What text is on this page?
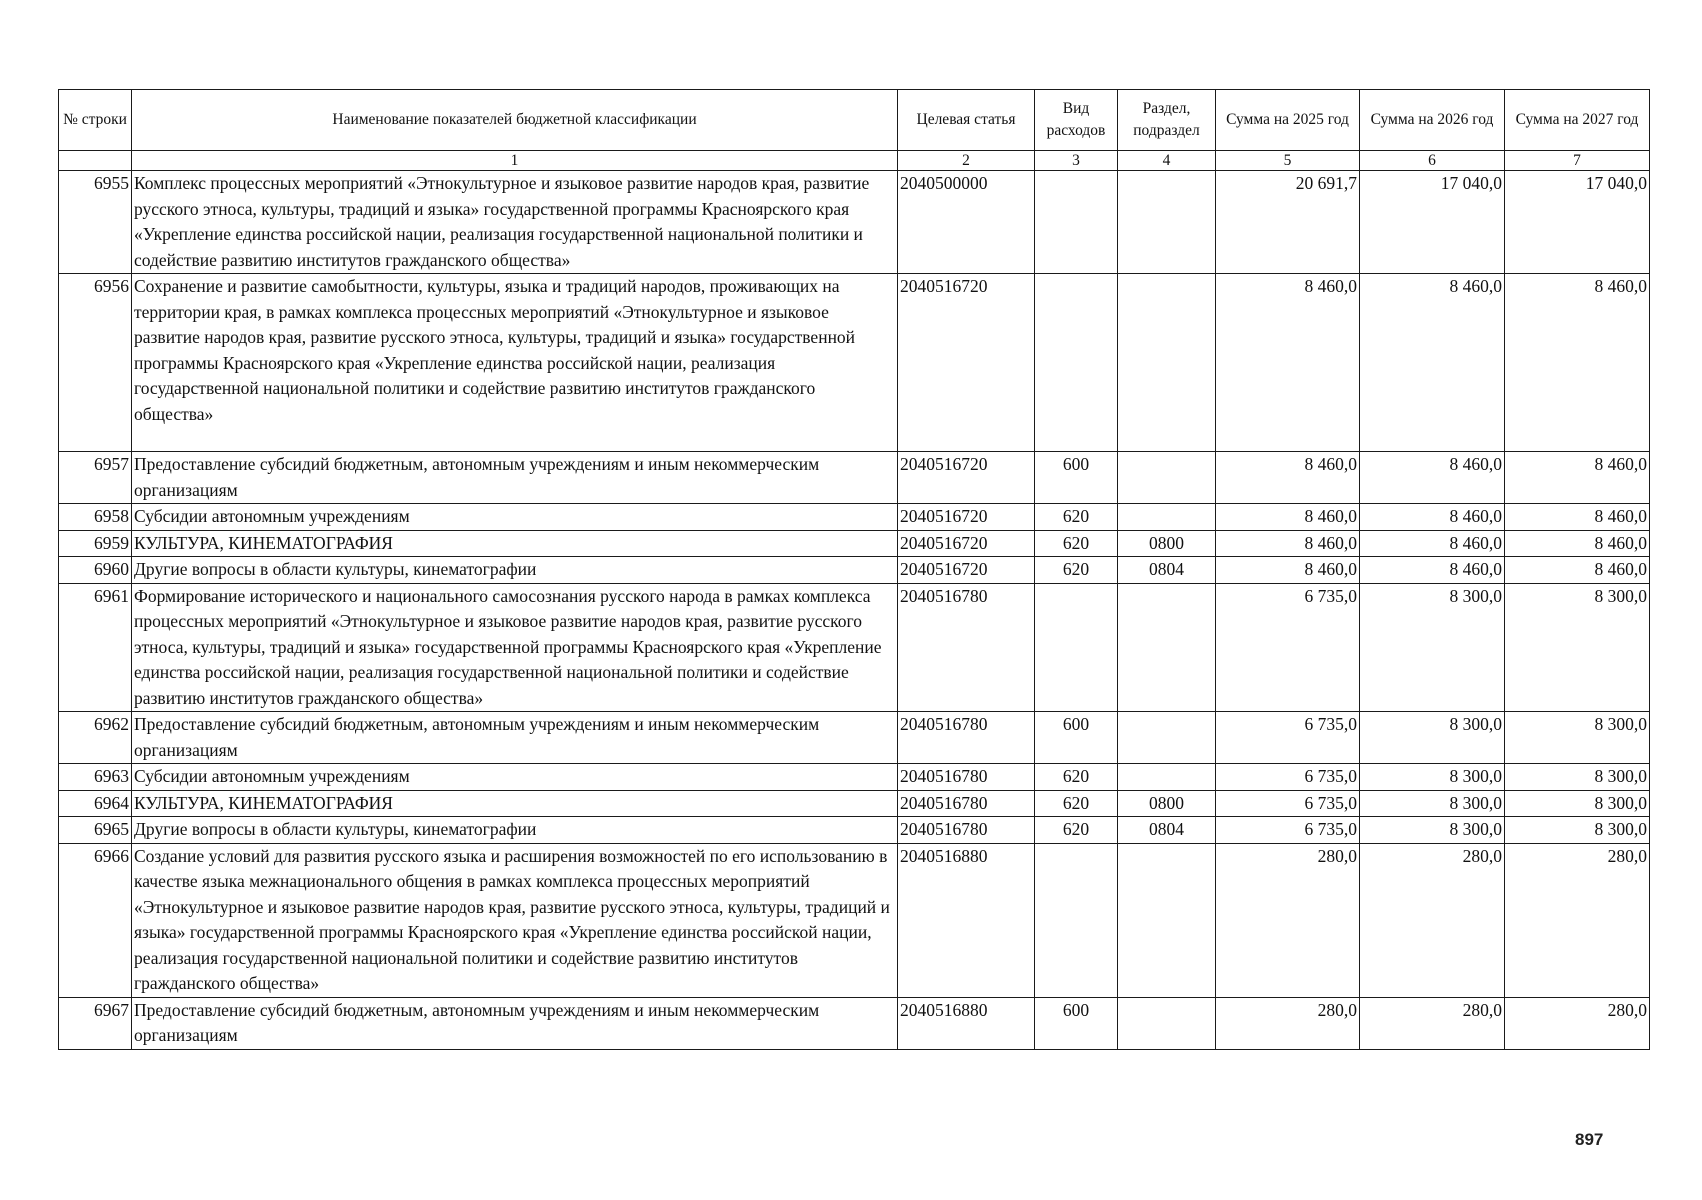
№ строки	Наименование показателей бюджетной классификации	Целевая статья	Вид расходов	Раздел, подраздел	Сумма на 2025 год	Сумма на 2026 год	Сумма на 2027 год
	1	2	3	4	5	6	7
6955	Комплекс процессных мероприятий «Этнокультурное и языковое развитие народов края, развитие русского этноса, культуры, традиций и языка» государственной программы Красноярского края «Укрепление единства российской нации, реализация государственной национальной политики и содействие развитию институтов гражданского общества»	2040500000			20 691,7	17 040,0	17 040,0
6956	Сохранение и развитие самобытности, культуры, языка и традиций народов, проживающих на территории края, в рамках комплекса процессных мероприятий «Этнокультурное и языковое развитие народов края, развитие русского этноса, культуры, традиций и языка» государственной программы Красноярского края «Укрепление единства российской нации, реализация государственной национальной политики и содействие развитию институтов гражданского общества»	2040516720			8 460,0	8 460,0	8 460,0
6957	Предоставление субсидий бюджетным, автономным учреждениям и иным некоммерческим организациям	2040516720	600		8 460,0	8 460,0	8 460,0
6958	Субсидии автономным учреждениям	2040516720	620		8 460,0	8 460,0	8 460,0
6959	КУЛЬТУРА, КИНЕМАТОГРАФИЯ	2040516720	620	0800	8 460,0	8 460,0	8 460,0
6960	Другие вопросы в области культуры, кинематографии	2040516720	620	0804	8 460,0	8 460,0	8 460,0
6961	Формирование исторического и национального самосознания русского народа в рамках комплекса процессных мероприятий «Этнокультурное и языковое развитие народов края, развитие русского этноса, культуры, традиций и языка» государственной программы Красноярского края «Укрепление единства российской нации, реализация государственной национальной политики и содействие развитию институтов гражданского общества»	2040516780			6 735,0	8 300,0	8 300,0
6962	Предоставление субсидий бюджетным, автономным учреждениям и иным некоммерческим организациям	2040516780	600		6 735,0	8 300,0	8 300,0
6963	Субсидии автономным учреждениям	2040516780	620		6 735,0	8 300,0	8 300,0
6964	КУЛЬТУРА, КИНЕМАТОГРАФИЯ	2040516780	620	0800	6 735,0	8 300,0	8 300,0
6965	Другие вопросы в области культуры, кинематографии	2040516780	620	0804	6 735,0	8 300,0	8 300,0
6966	Создание условий для развития русского языка и расширения возможностей по его использованию в качестве языка межнационального общения в рамках комплекса процессных мероприятий «Этнокультурное и языковое развитие народов края, развитие русского этноса, культуры, традиций и языка» государственной программы Красноярского края «Укрепление единства российской нации, реализация государственной национальной политики и содействие развитию институтов гражданского общества»	2040516880			280,0	280,0	280,0
6967	Предоставление субсидий бюджетным, автономным учреждениям и иным некоммерческим организациям	2040516880	600		280,0	280,0	280,0
897
